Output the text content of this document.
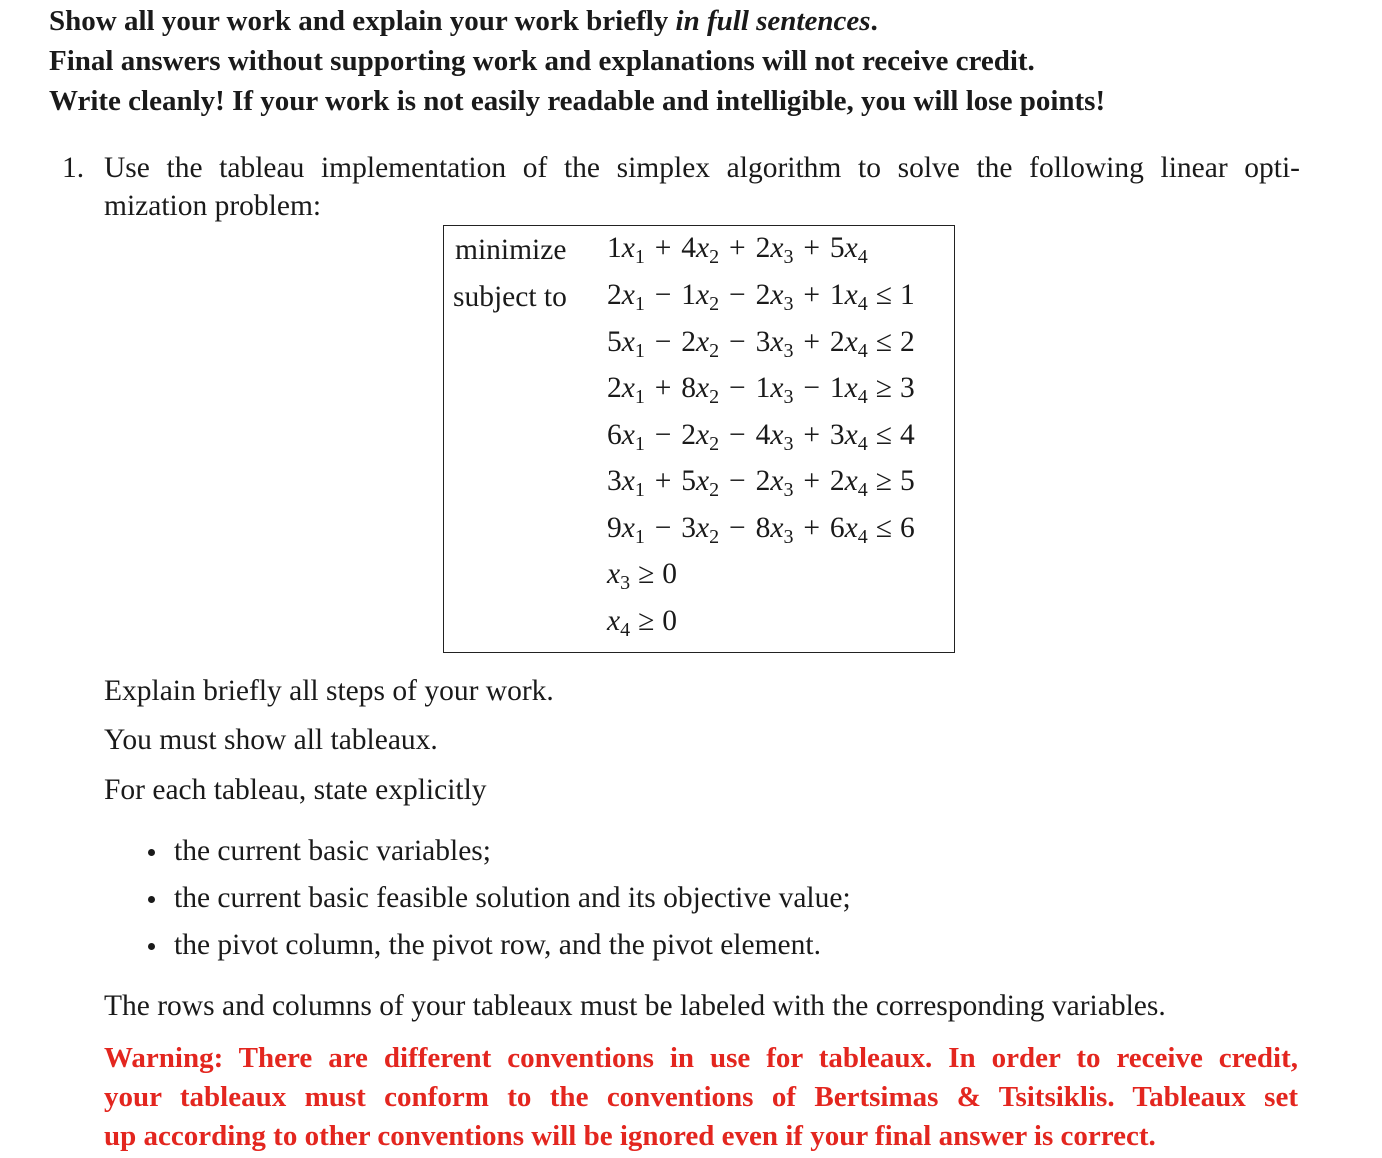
Show all your work and explain your work briefly in full sentences.
Final answers without supporting work and explanations will not receive credit.
Write cleanly! If your work is not easily readable and intelligible, you will lose points!
1. Use the tableau implementation of the simplex algorithm to solve the following linear opti-
mization problem:
minimize
subject to
$1x_1 + 4x_2 + 2x_3 + 5x_4$
$2x_1 - 1x_2 - 2x_3 + 1x_4 \le 1$
$5x_1 - 2x_2 - 3x_3 + 2x_4 \le 2$
$2x_1 + 8x_2 - 1x_3 - 1x_4 \ge 3$
$6x_1 - 2x_2 - 4x_3 + 3x_4 \le 4$
$3x_1 + 5x_2 - 2x_3 + 2x_4 \ge 5$
$9x_1 - 3x_2 - 8x_3 + 6x_4 \le 6$
$x_3 \ge 0$
$x_4 \ge 0$
Explain briefly all steps of your work.
You must show all tableaux.
For each tableau, state explicitly
the current basic variables;
the current basic feasible solution and its objective value;
the pivot column, the pivot row, and the pivot element.
The rows and columns of your tableaux must be labeled with the corresponding variables.
Warning: There are different conventions in use for tableaux. In order to receive credit,
your tableaux must conform to the conventions of Bertsimas & Tsitsiklis. Tableaux set
up according to other conventions will be ignored even if your final answer is correct.
